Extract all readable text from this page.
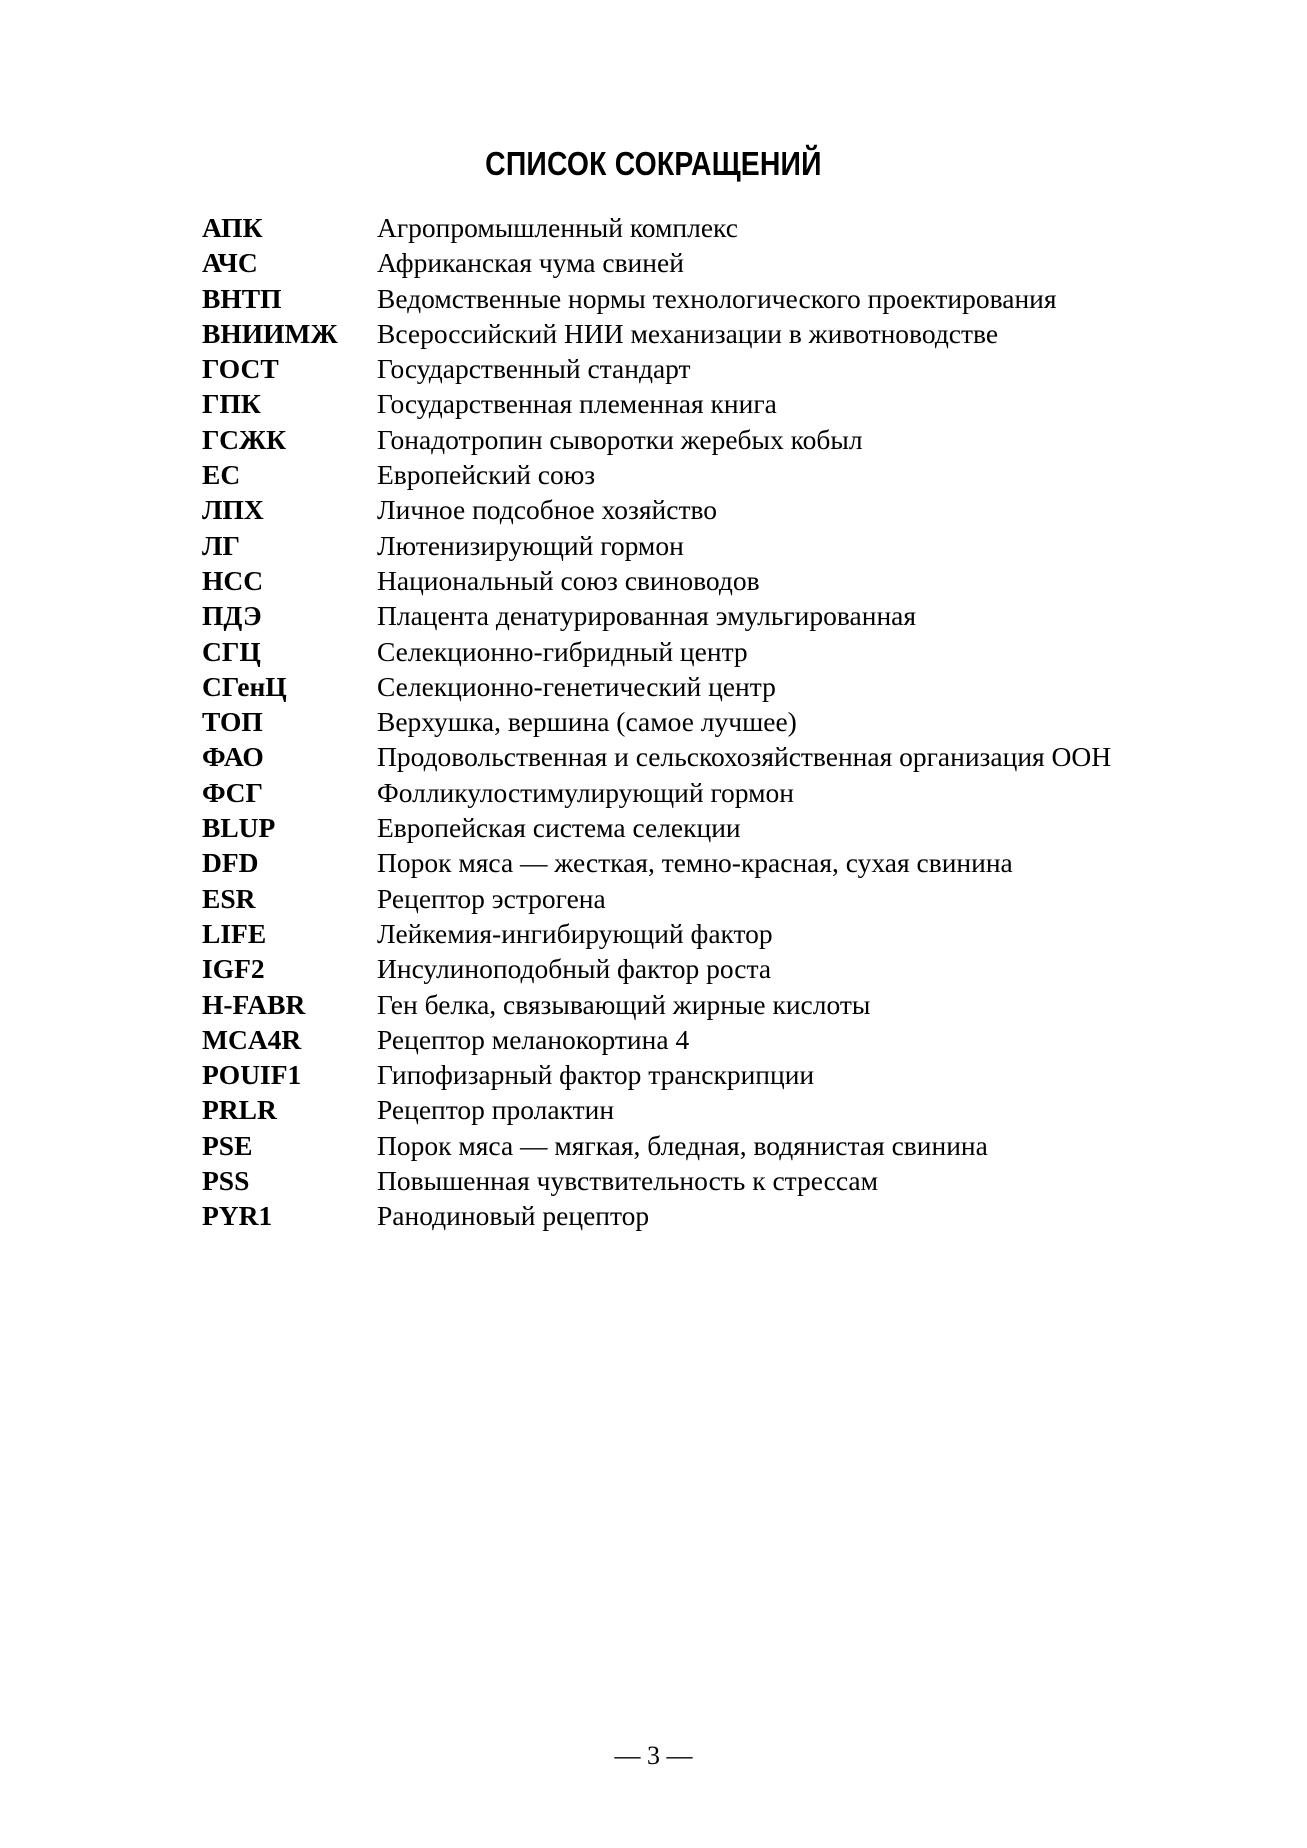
СПИСОК СОКРАЩЕНИЙ
АПК	Агропромышленный комплекс
АЧС	Африканская чума свиней
ВНТП	Ведомственные нормы технологического проектирования
ВНИИМЖ	Всероссийский НИИ механизации в животноводстве
ГОСТ	Государственный стандарт
ГПК	Государственная племенная книга
ГСЖК	Гонадотропин сыворотки жеребых кобыл
ЕС	Европейский союз
ЛПХ	Личное подсобное хозяйство
ЛГ	Лютенизирующий гормон
НСС	Национальный союз свиноводов
ПДЭ	Плацента денатурированная эмульгированная
СГЦ	Селекционно-гибридный центр
СГенЦ	Селекционно-генетический центр
ТОП	Верхушка, вершина (самое лучшее)
ФАО	Продовольственная и сельскохозяйственная организация ООН
ФСГ	Фолликулостимулирующий гормон
BLUP	Европейская система селекции
DFD	Порок мяса — жесткая, темно-красная, сухая свинина
ESR	Рецептор эстрогена
LIFE	Лейкемия-ингибирующий фактор
IGF2	Инсулиноподобный фактор роста
H-FABR	Ген белка, связывающий жирные кислоты
MCA4R	Рецептор меланокортина 4
POUIF1	Гипофизарный фактор транскрипции
PRLR	Рецептор пролактин
PSE	Порок мяса — мягкая, бледная, водянистая свинина
PSS	Повышенная чувствительность к стрессам
PYR1	Ранодиновый рецептор
— 3 —
